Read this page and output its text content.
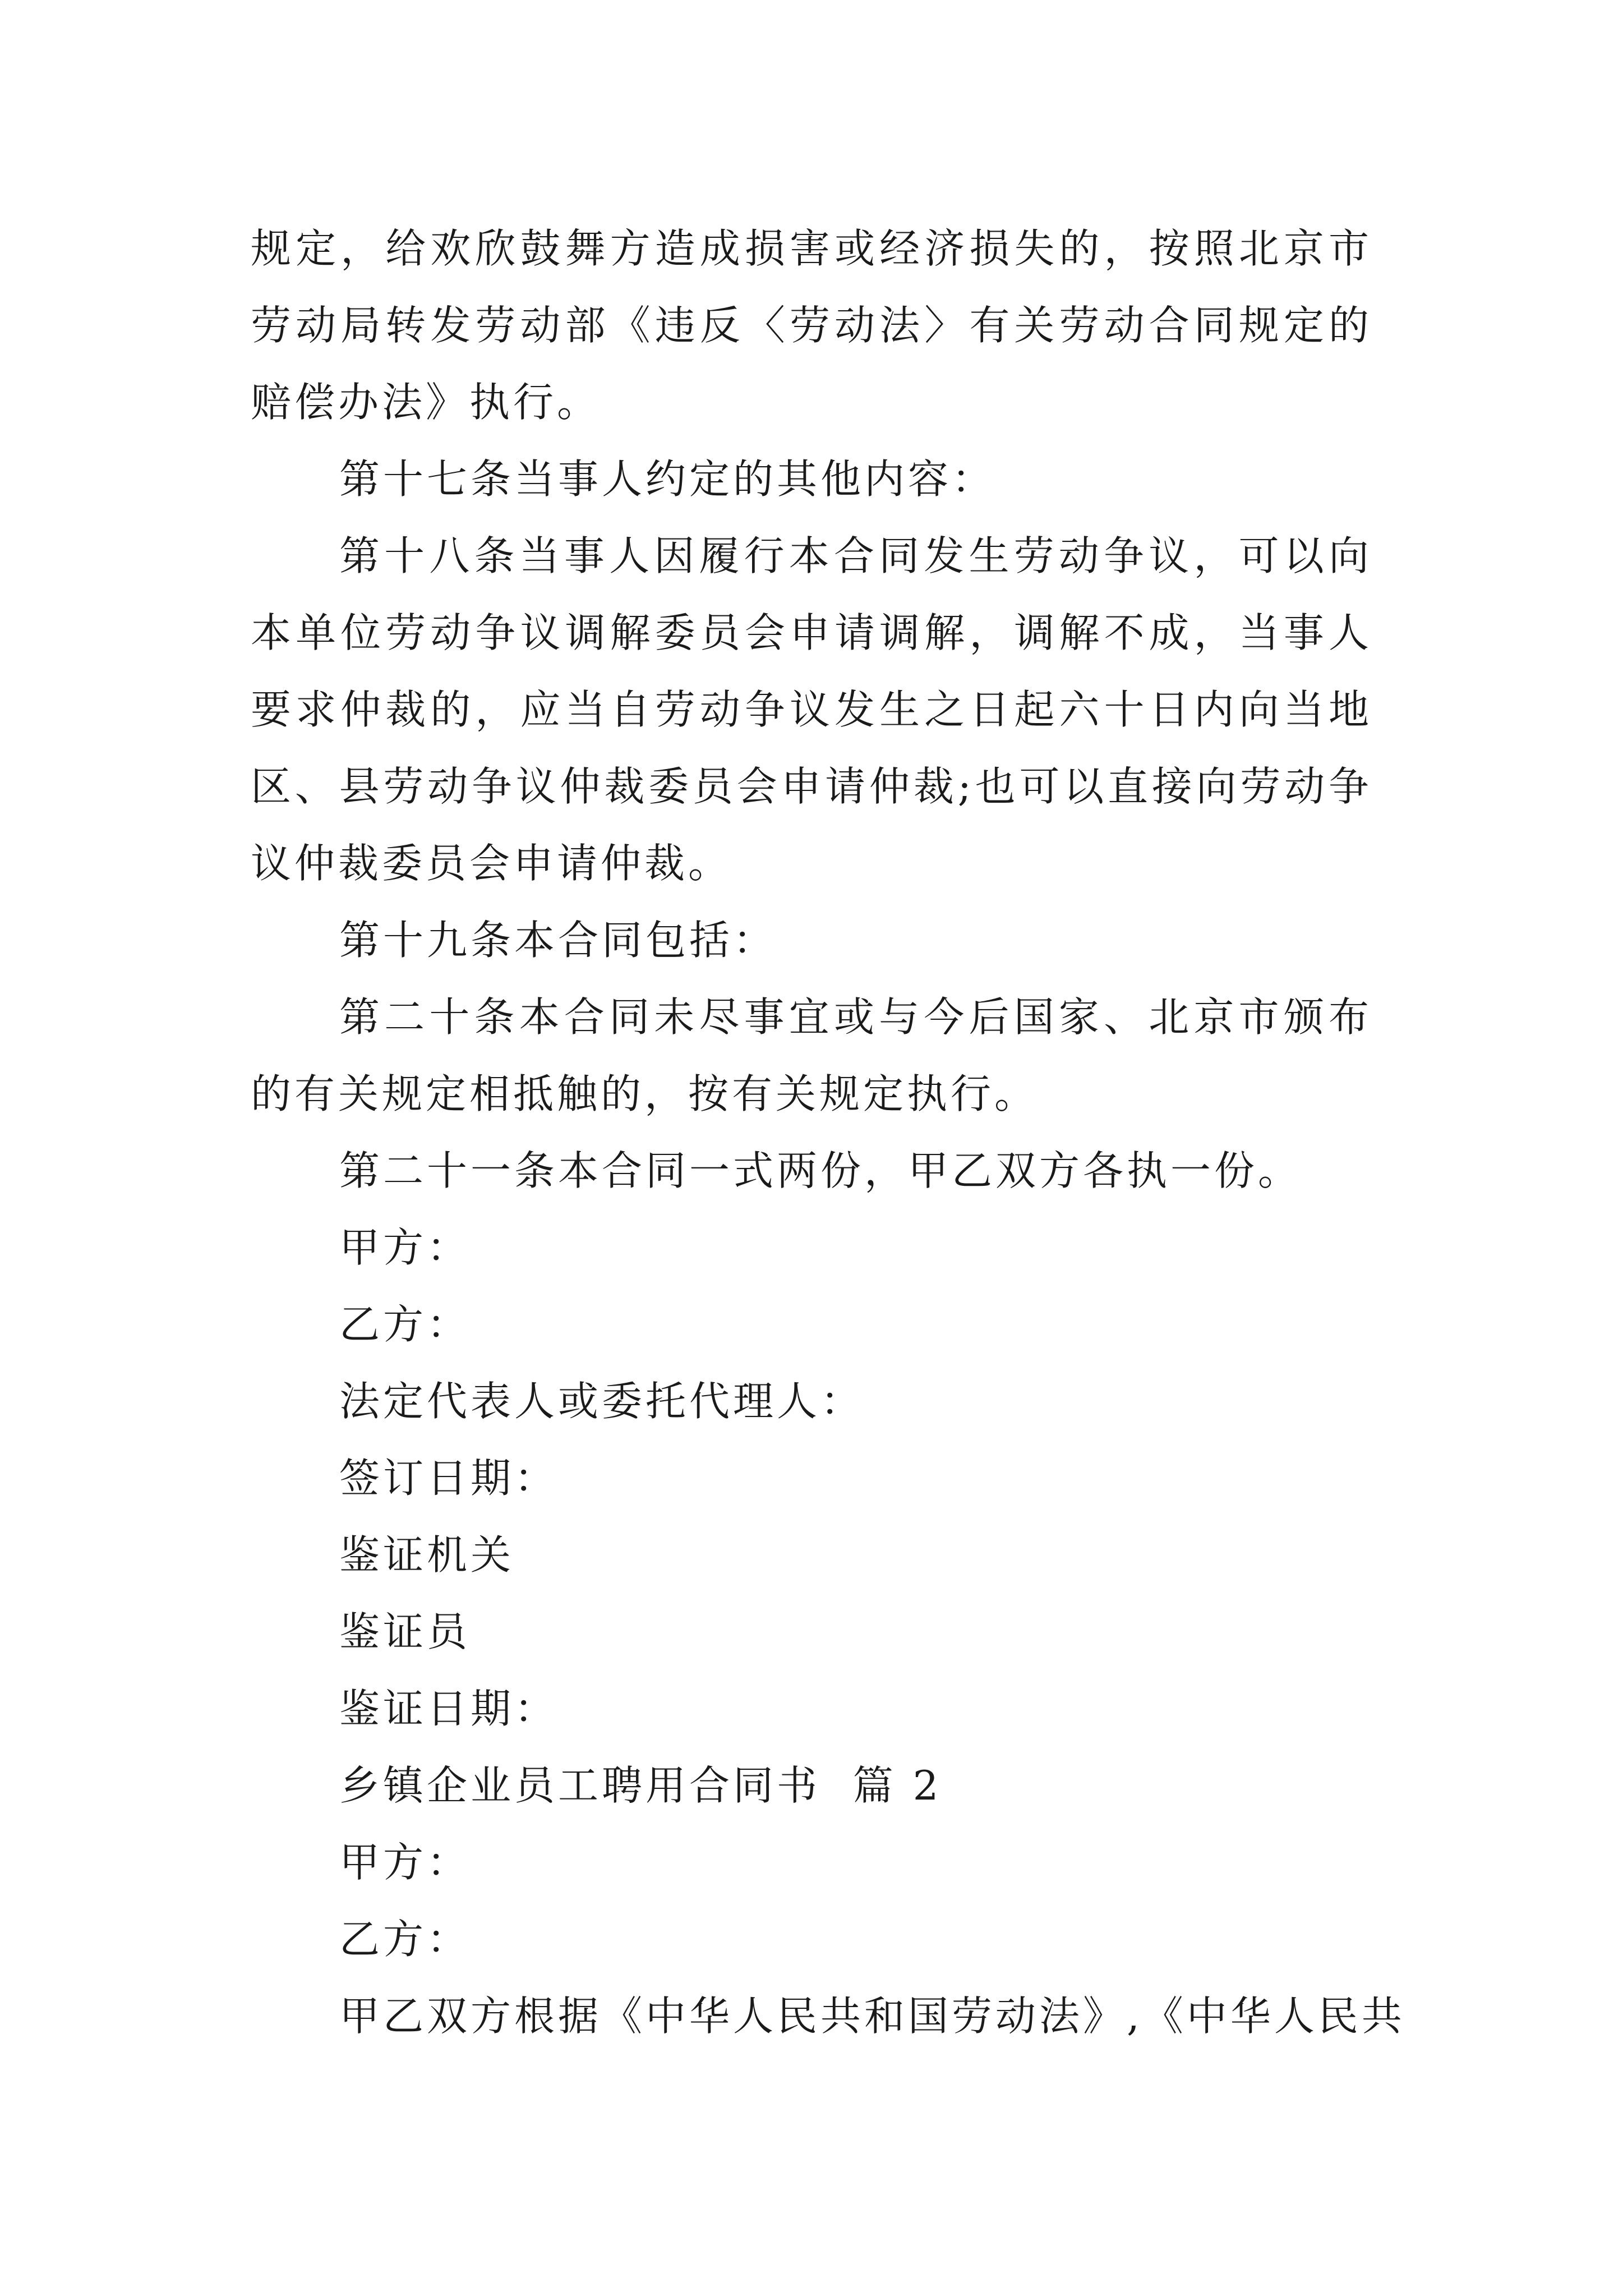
规定，给欢欣鼓舞方造成损害或经济损失的，按照北京市劳动局转发劳动部《违反〈劳动法〉有关劳动合同规定的赔偿办法》执行。

第十七条当事人约定的其他内容：

第十八条当事人因履行本合同发生劳动争议，可以向本单位劳动争议调解委员会申请调解，调解不成，当事人要求仲裁的，应当自劳动争议发生之日起六十日内向当地区、县劳动争议仲裁委员会申请仲裁;也可以直接向劳动争议仲裁委员会申请仲裁。

第十九条本合同包括：

第二十条本合同未尽事宜或与今后国家、北京市颁布的有关规定相抵触的，按有关规定执行。

第二十一条本合同一式两份，甲乙双方各执一份。

甲方：

乙方：

法定代表人或委托代理人：

签订日期：

鉴证机关

鉴证员

鉴证日期：

乡镇企业员工聘用合同书  篇 2

甲方：

乙方：

甲乙双方根据《中华人民共和国劳动法》,《中华人民共
